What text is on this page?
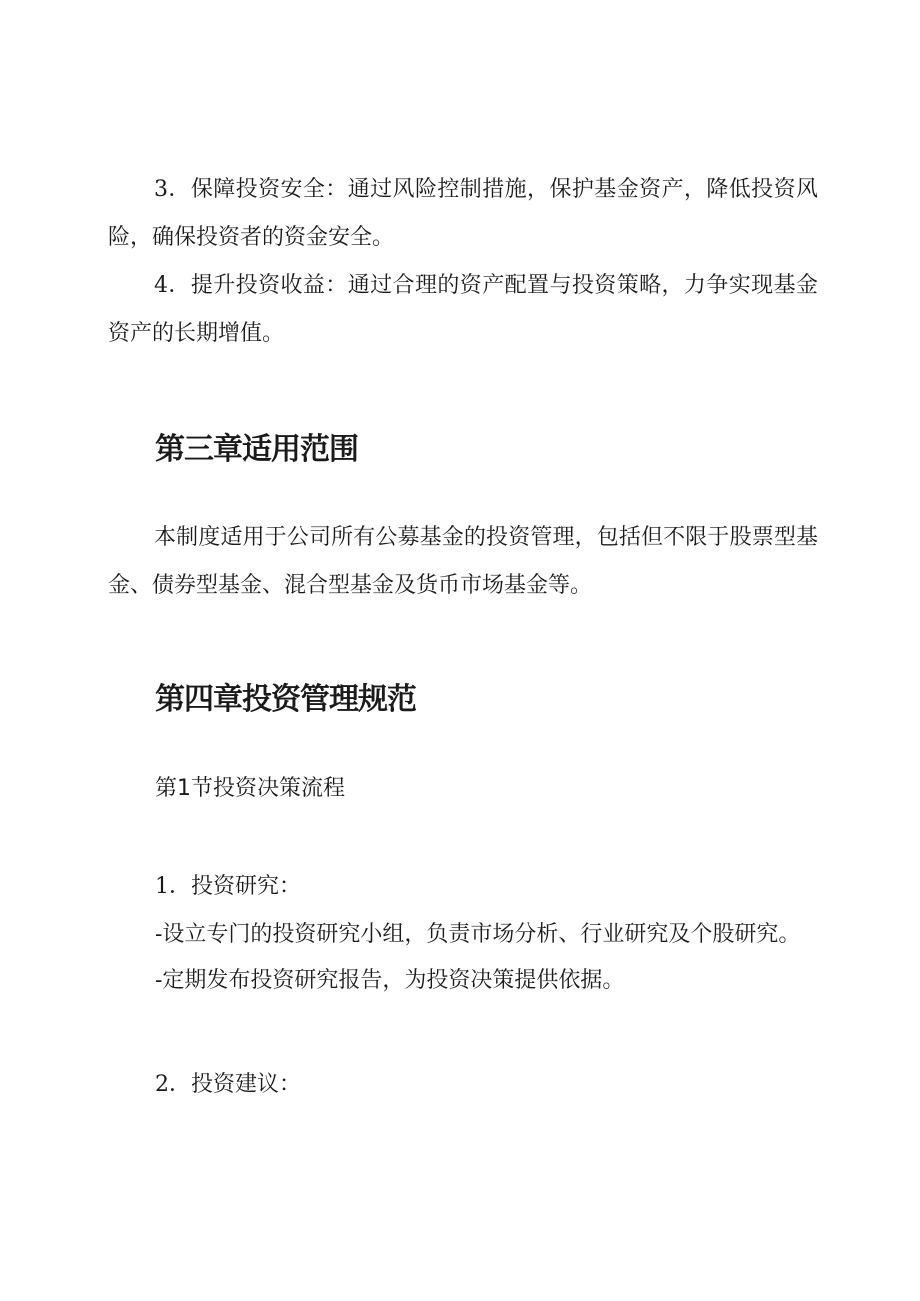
3．保障投资安全：通过风险控制措施，保护基金资产，降低投资风险，确保投资者的资金安全。

4．提升投资收益：通过合理的资产配置与投资策略，力争实现基金资产的长期增值。

第三章适用范围

本制度适用于公司所有公募基金的投资管理，包括但不限于股票型基金、债券型基金、混合型基金及货币市场基金等。

第四章投资管理规范

第1节投资决策流程

1．投资研究：

-设立专门的投资研究小组，负责市场分析、行业研究及个股研究。

-定期发布投资研究报告，为投资决策提供依据。

2．投资建议：
